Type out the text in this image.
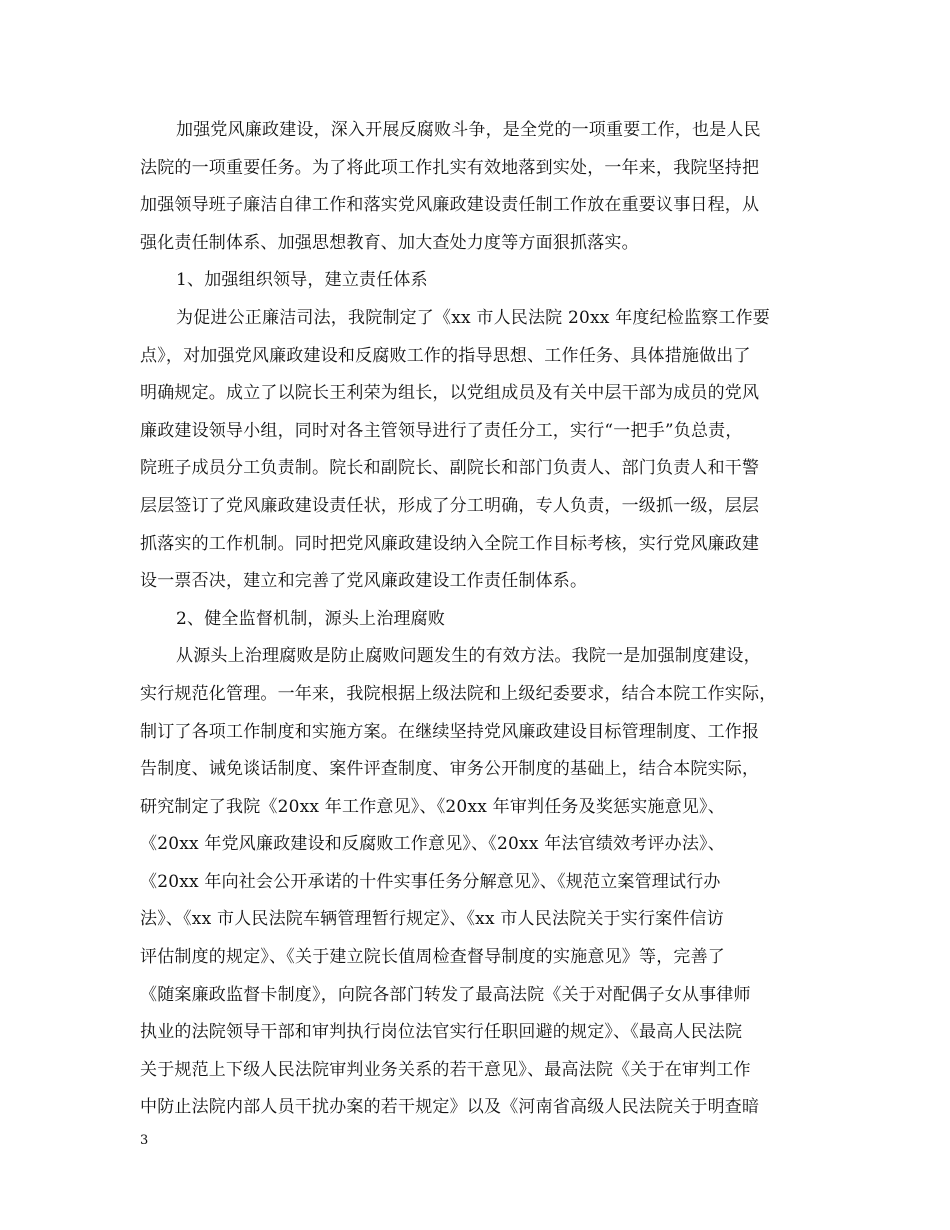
加强党风廉政建设，深入开展反腐败斗争，是全党的一项重要工作，也是人民
法院的一项重要任务。为了将此项工作扎实有效地落到实处，一年来，我院坚持把
加强领导班子廉洁自律工作和落实党风廉政建设责任制工作放在重要议事日程，从
强化责任制体系、加强思想教育、加大查处力度等方面狠抓落实。
1、加强组织领导，建立责任体系
为促进公正廉洁司法，我院制定了《xx 市人民法院 20xx 年度纪检监察工作要
点》，对加强党风廉政建设和反腐败工作的指导思想、工作任务、具体措施做出了
明确规定。成立了以院长王利荣为组长，以党组成员及有关中层干部为成员的党风
廉政建设领导小组，同时对各主管领导进行了责任分工，实行“一把手”负总责，
院班子成员分工负责制。院长和副院长、副院长和部门负责人、部门负责人和干警
层层签订了党风廉政建设责任状，形成了分工明确，专人负责，一级抓一级，层层
抓落实的工作机制。同时把党风廉政建设纳入全院工作目标考核，实行党风廉政建
设一票否决，建立和完善了党风廉政建设工作责任制体系。
2、健全监督机制，源头上治理腐败
从源头上治理腐败是防止腐败问题发生的有效方法。我院一是加强制度建设，
实行规范化管理。一年来，我院根据上级法院和上级纪委要求，结合本院工作实际，
制订了各项工作制度和实施方案。在继续坚持党风廉政建设目标管理制度、工作报
告制度、诫免谈话制度、案件评查制度、审务公开制度的基础上，结合本院实际，
研究制定了我院《20xx 年工作意见》、《20xx 年审判任务及奖惩实施意见》、
《20xx 年党风廉政建设和反腐败工作意见》、《20xx 年法官绩效考评办法》、
《20xx 年向社会公开承诺的十件实事任务分解意见》、《规范立案管理试行办
法》、《xx 市人民法院车辆管理暂行规定》、《xx 市人民法院关于实行案件信访
评估制度的规定》、《关于建立院长值周检查督导制度的实施意见》等，完善了
《随案廉政监督卡制度》，向院各部门转发了最高法院《关于对配偶子女从事律师
执业的法院领导干部和审判执行岗位法官实行任职回避的规定》、《最高人民法院
关于规范上下级人民法院审判业务关系的若干意见》、最高法院《关于在审判工作
中防止法院内部人员干扰办案的若干规定》以及《河南省高级人民法院关于明查暗
3
